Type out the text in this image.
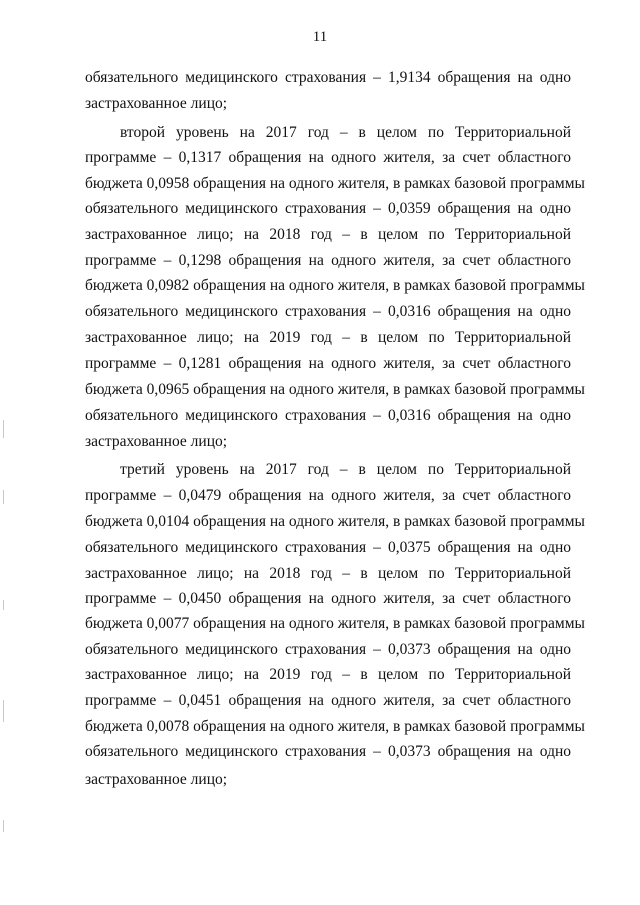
11
обязательного медицинского страхования – 1,9134 обращения на одно
застрахованное лицо;
второй уровень на 2017 год – в целом по Территориальной
программе – 0,1317 обращения на одного жителя, за счет областного
бюджета 0,0958 обращения на одного жителя, в рамках базовой программы
обязательного медицинского страхования – 0,0359 обращения на одно
застрахованное лицо; на 2018 год – в целом по Территориальной
программе – 0,1298 обращения на одного жителя, за счет областного
бюджета 0,0982 обращения на одного жителя, в рамках базовой программы
обязательного медицинского страхования – 0,0316 обращения на одно
застрахованное лицо; на 2019 год – в целом по Территориальной
программе – 0,1281 обращения на одного жителя, за счет областного
бюджета 0,0965 обращения на одного жителя, в рамках базовой программы
обязательного медицинского страхования – 0,0316 обращения на одно
застрахованное лицо;
третий уровень на 2017 год – в целом по Территориальной
программе – 0,0479 обращения на одного жителя, за счет областного
бюджета 0,0104 обращения на одного жителя, в рамках базовой программы
обязательного медицинского страхования – 0,0375 обращения на одно
застрахованное лицо; на 2018 год – в целом по Территориальной
программе – 0,0450 обращения на одного жителя, за счет областного
бюджета 0,0077 обращения на одного жителя, в рамках базовой программы
обязательного медицинского страхования – 0,0373 обращения на одно
застрахованное лицо; на 2019 год – в целом по Территориальной
программе – 0,0451 обращения на одного жителя, за счет областного
бюджета 0,0078 обращения на одного жителя, в рамках базовой программы
обязательного медицинского страхования – 0,0373 обращения на одно
застрахованное лицо;
